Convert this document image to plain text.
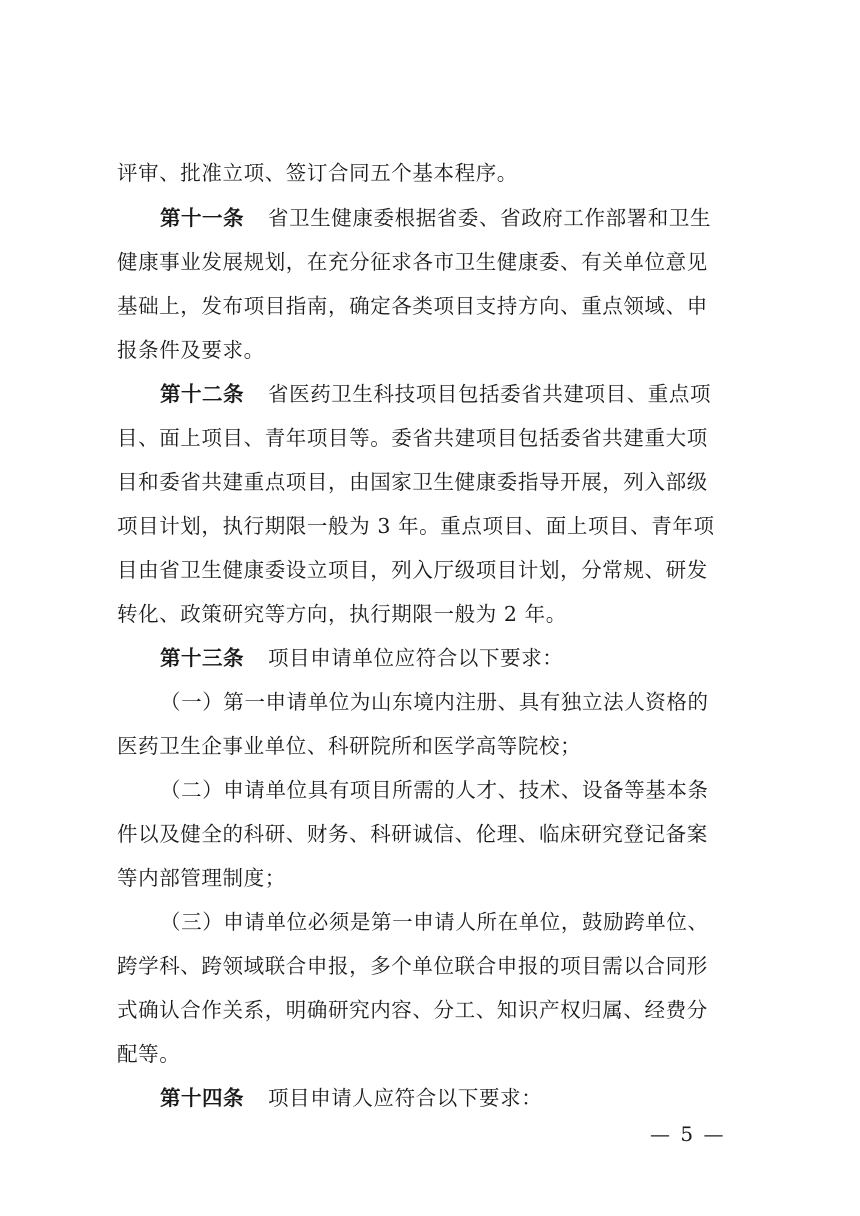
评审、批准立项、签订合同五个基本程序。
第十一条 省卫生健康委根据省委、省政府工作部署和卫生
健康事业发展规划，在充分征求各市卫生健康委、有关单位意见
基础上，发布项目指南，确定各类项目支持方向、重点领域、申
报条件及要求。
第十二条 省医药卫生科技项目包括委省共建项目、重点项
目、面上项目、青年项目等。委省共建项目包括委省共建重大项
目和委省共建重点项目，由国家卫生健康委指导开展，列入部级
项目计划，执行期限一般为 3 年。重点项目、面上项目、青年项
目由省卫生健康委设立项目，列入厅级项目计划，分常规、研发
转化、政策研究等方向，执行期限一般为 2 年。
第十三条 项目申请单位应符合以下要求：
（一）第一申请单位为山东境内注册、具有独立法人资格的
医药卫生企事业单位、科研院所和医学高等院校；
（二）申请单位具有项目所需的人才、技术、设备等基本条
件以及健全的科研、财务、科研诚信、伦理、临床研究登记备案
等内部管理制度；
（三）申请单位必须是第一申请人所在单位，鼓励跨单位、
跨学科、跨领域联合申报，多个单位联合申报的项目需以合同形
式确认合作关系，明确研究内容、分工、知识产权归属、经费分
配等。
第十四条 项目申请人应符合以下要求：
— 5 —
